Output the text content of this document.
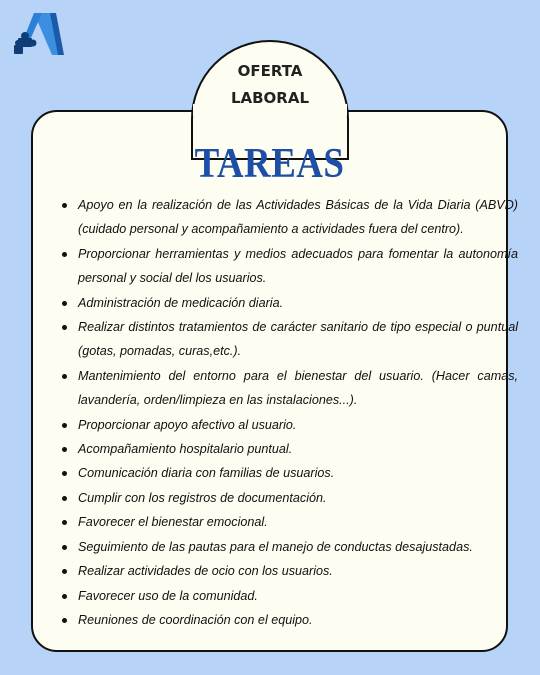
OFERTA
LABORAL
TAREAS
Apoyo en la realización de las Actividades Básicas de la Vida Diaria (ABVD) (cuidado personal y acompañamiento a actividades fuera del centro).
Proporcionar herramientas y medios adecuados para fomentar la autonomía personal y social del los usuarios.
Administración de medicación diaria.
Realizar distintos tratamientos de carácter sanitario de tipo especial o puntual (gotas, pomadas, curas,etc.).
Mantenimiento del entorno para el bienestar del usuario. (Hacer camas, lavandería, orden/limpieza en las instalaciones...).
Proporcionar apoyo afectivo al usuario.
Acompañamiento hospitalario puntual.
Comunicación diaria con familias de usuarios.
Cumplir con los registros de documentación.
Favorecer el bienestar emocional.
Seguimiento de las pautas para el manejo de conductas desajustadas.
Realizar actividades de ocio con los usuarios.
Favorecer uso de la comunidad.
Reuniones de coordinación con el equipo.
